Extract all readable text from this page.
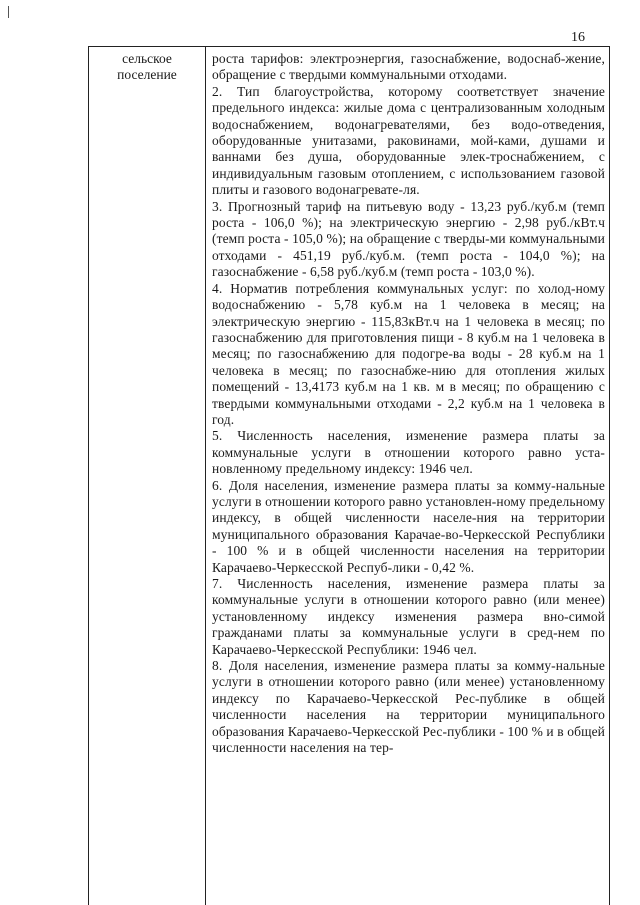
16
сельское
поселение

роста тарифов: электроэнергия, газоснабжение, водоснаб-жение, обращение с твердыми коммунальными отходами.

2. Тип благоустройства, которому соответствует значение предельного индекса: жилые дома с централизованным холодным водоснабжением, водонагревателями, без водо-отведения, оборудованные унитазами, раковинами, мой-ками, душами и ваннами без душа, оборудованные элек-троснабжением, с индивидуальным газовым отоплением, с использованием газовой плиты и газового водонагревате-ля.

3. Прогнозный тариф на питьевую воду - 13,23 руб./куб.м (темп роста - 106,0 %); на электрическую энергию - 2,98 руб./кВт.ч (темп роста - 105,0 %); на обращение с тверды-ми коммунальными отходами - 451,19 руб./куб.м. (темп роста - 104,0 %); на газоснабжение - 6,58 руб./куб.м (темп роста - 103,0 %).

4. Норматив потребления коммунальных услуг: по холод-ному водоснабжению - 5,78 куб.м на 1 человека в месяц; на электрическую энергию - 115,83кВт.ч на 1 человека в месяц; по газоснабжению для приготовления пищи - 8 куб.м на 1 человека в месяц; по газоснабжению для подогре-ва воды - 28 куб.м на 1 человека в месяц; по газоснабже-нию для отопления жилых помещений - 13,4173 куб.м на 1 кв. м в месяц; по обращению с твердыми коммунальными отходами - 2,2 куб.м на 1 человека в год.

5. Численность населения, изменение размера платы за коммунальные услуги в отношении которого равно уста-новленному предельному индексу: 1946 чел.

6. Доля населения, изменение размера платы за комму-нальные услуги в отношении которого равно установлен-ному предельному индексу, в общей численности населе-ния на территории муниципального образования Карачае-во-Черкесской Республики - 100 % и в общей численности населения на территории Карачаево-Черкесской Респуб-лики - 0,42 %.

7. Численность населения, изменение размера платы за коммунальные услуги в отношении которого равно (или менее) установленному индексу изменения размера вно-симой гражданами платы за коммунальные услуги в сред-нем по Карачаево-Черкесской Республики: 1946 чел.

8. Доля населения, изменение размера платы за комму-нальные услуги в отношении которого равно (или менее) установленному индексу по Карачаево-Черкесской Рес-публике в общей численности населения на территории муниципального образования Карачаево-Черкесской Рес-публики - 100 % и в общей численности населения на тер-
